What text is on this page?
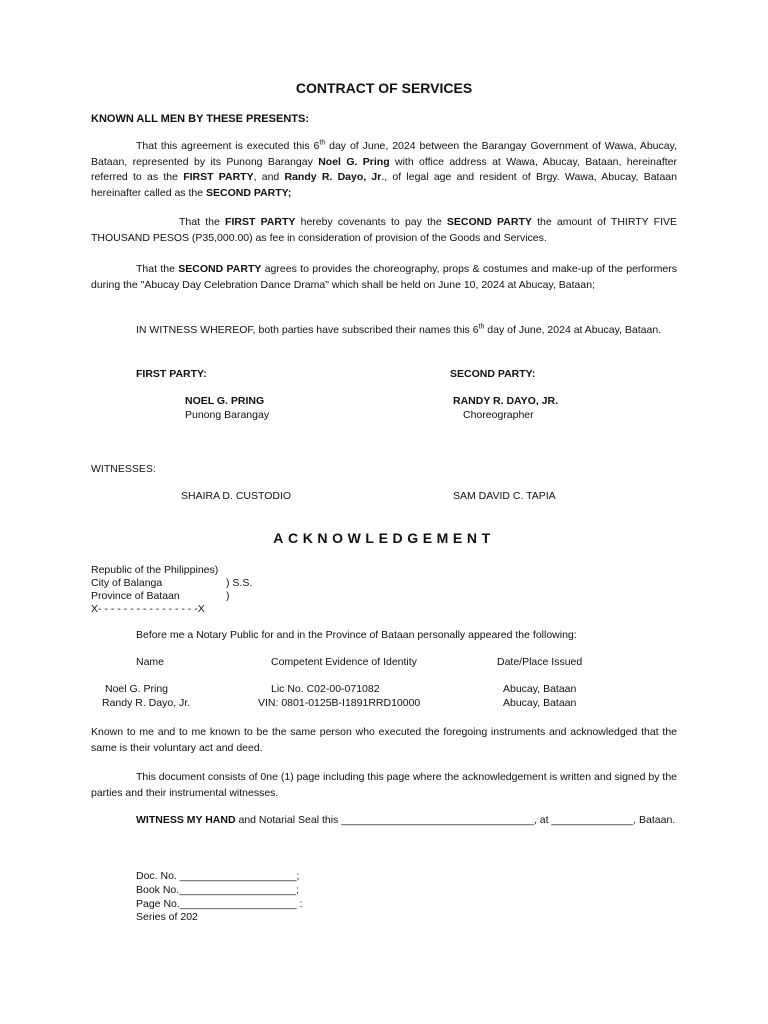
CONTRACT OF SERVICES
KNOWN ALL MEN BY THESE PRESENTS:

That this agreement is executed this 6th day of June, 2024 between the Barangay Government of Wawa, Abucay, Bataan, represented by its Punong Barangay Noel G. Pring with office address at Wawa, Abucay, Bataan, hereinafter referred to as the FIRST PARTY, and Randy R. Dayo, Jr., of legal age and resident of Brgy. Wawa, Abucay, Bataan hereinafter called as the SECOND PARTY;

That the FIRST PARTY hereby covenants to pay the SECOND PARTY the amount of THIRTY FIVE THOUSAND PESOS (P35,000.00) as fee in consideration of provision of the Goods and Services.

That the SECOND PARTY agrees to provides the choreography, props & costumes and make-up of the performers during the "Abucay Day Celebration Dance Drama" which shall be held on June 10, 2024 at Abucay, Bataan;

IN WITNESS WHEREOF, both parties have subscribed their names this 6th day of June, 2024 at Abucay, Bataan.

FIRST PARTY:	SECOND PARTY:
NOEL G. PRING
Punong Barangay
RANDY R. DAYO, JR.
Choreographer
WITNESSES:
SHAIRA D. CUSTODIO	SAM DAVID C. TAPIA
ACKNOWLEDGEMENT
Republic of the Philippines)
City of Balanga	) S.S.
Province of Bataan	)
X- - - - - - - - - - - - - - - -X
Before me a Notary Public for and in the Province of Bataan personally appeared the following:
Name	Competent Evidence of Identity	Date/Place Issued
Noel G. Pring	Lic No. C02-00-071082	Abucay, Bataan
Randy R. Dayo, Jr.	VIN: 0801-0125B-I1891RRD10000	Abucay, Bataan

Known to me and to me known to be the same person who executed the foregoing instruments and acknowledged that the same is their voluntary act and deed.

This document consists of 0ne (1) page including this page where the acknowledgement is written and signed by the parties and their instrumental witnesses.

WITNESS MY HAND and Notarial Seal this _________________________________, at ______________, Bataan.

Doc. No. ____________________;
Book No.____________________;
Page No.____________________ :
Series of 202
